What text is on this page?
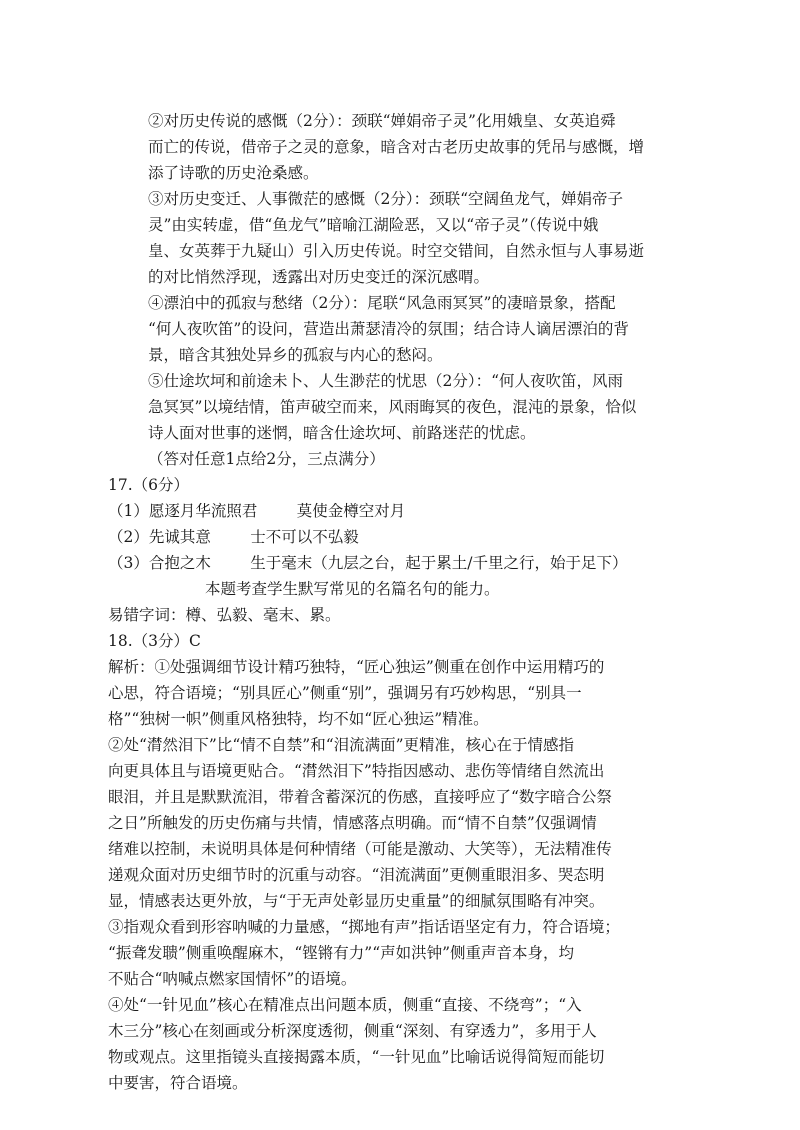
②对历史传说的感慨（2分）：颈联“婵娟帝子灵”化用娥皇、女英追舜
而亡的传说，借帝子之灵的意象，暗含对古老历史故事的凭吊与感慨，增
添了诗歌的历史沧桑感。
③对历史变迁、人事微茫的感慨（2分）：颈联“空阔鱼龙气，婵娟帝子
灵”由实转虚，借“鱼龙气”暗喻江湖险恶，又以“帝子灵”（传说中娥
皇、女英葬于九疑山）引入历史传说。时空交错间，自然永恒与人事易逝
的对比悄然浮现，透露出对历史变迁的深沉感喟。
④漂泊中的孤寂与愁绪（2分）：尾联“风急雨冥冥”的凄暗景象，搭配
“何人夜吹笛”的设问，营造出萧瑟清冷的氛围；结合诗人谪居漂泊的背
景，暗含其独处异乡的孤寂与内心的愁闷。
⑤仕途坎坷和前途未卜、人生渺茫的忧思（2分）：“何人夜吹笛，风雨
急冥冥”以境结情，笛声破空而来，风雨晦冥的夜色，混沌的景象，恰似
诗人面对世事的迷惘，暗含仕途坎坷、前路迷茫的忧虑。
（答对任意1点给2分，三点满分）
17.（6分）
（1）愿逐月华流照君        莫使金樽空对月
（2）先诚其意        士不可以不弘毅
（3）合抱之木        生于毫末（九层之台，起于累土/千里之行，始于足下）
本题考查学生默写常见的名篇名句的能力。
易错字词：樽、弘毅、毫末、累。
18.（3分）C
解析：①处强调细节设计精巧独特，“匠心独运”侧重在创作中运用精巧的
心思，符合语境；“别具匠心”侧重“别”，强调另有巧妙构思，“别具一
格”“独树一帜”侧重风格独特，均不如“匠心独运”精准。
②处“潸然泪下”比“情不自禁”和“泪流满面”更精准，核心在于情感指
向更具体且与语境更贴合。“潸然泪下”特指因感动、悲伤等情绪自然流出
眼泪，并且是默默流泪，带着含蓄深沉的伤感，直接呼应了“数字暗合公祭
之日”所触发的历史伤痛与共情，情感落点明确。而“情不自禁”仅强调情
绪难以控制，未说明具体是何种情绪（可能是激动、大笑等），无法精准传
递观众面对历史细节时的沉重与动容。“泪流满面”更侧重眼泪多、哭态明
显，情感表达更外放，与“于无声处彰显历史重量”的细腻氛围略有冲突。
③指观众看到形容呐喊的力量感，“掷地有声”指话语坚定有力，符合语境；
“振聋发聩”侧重唤醒麻木，“铿锵有力”“声如洪钟”侧重声音本身，均
不贴合“呐喊点燃家国情怀”的语境。
④处“一针见血”核心在精准点出问题本质，侧重“直接、不绕弯”；“入
木三分”核心在刻画或分析深度透彻，侧重“深刻、有穿透力”，多用于人
物或观点。这里指镜头直接揭露本质，“一针见血”比喻话说得简短而能切
中要害，符合语境。
